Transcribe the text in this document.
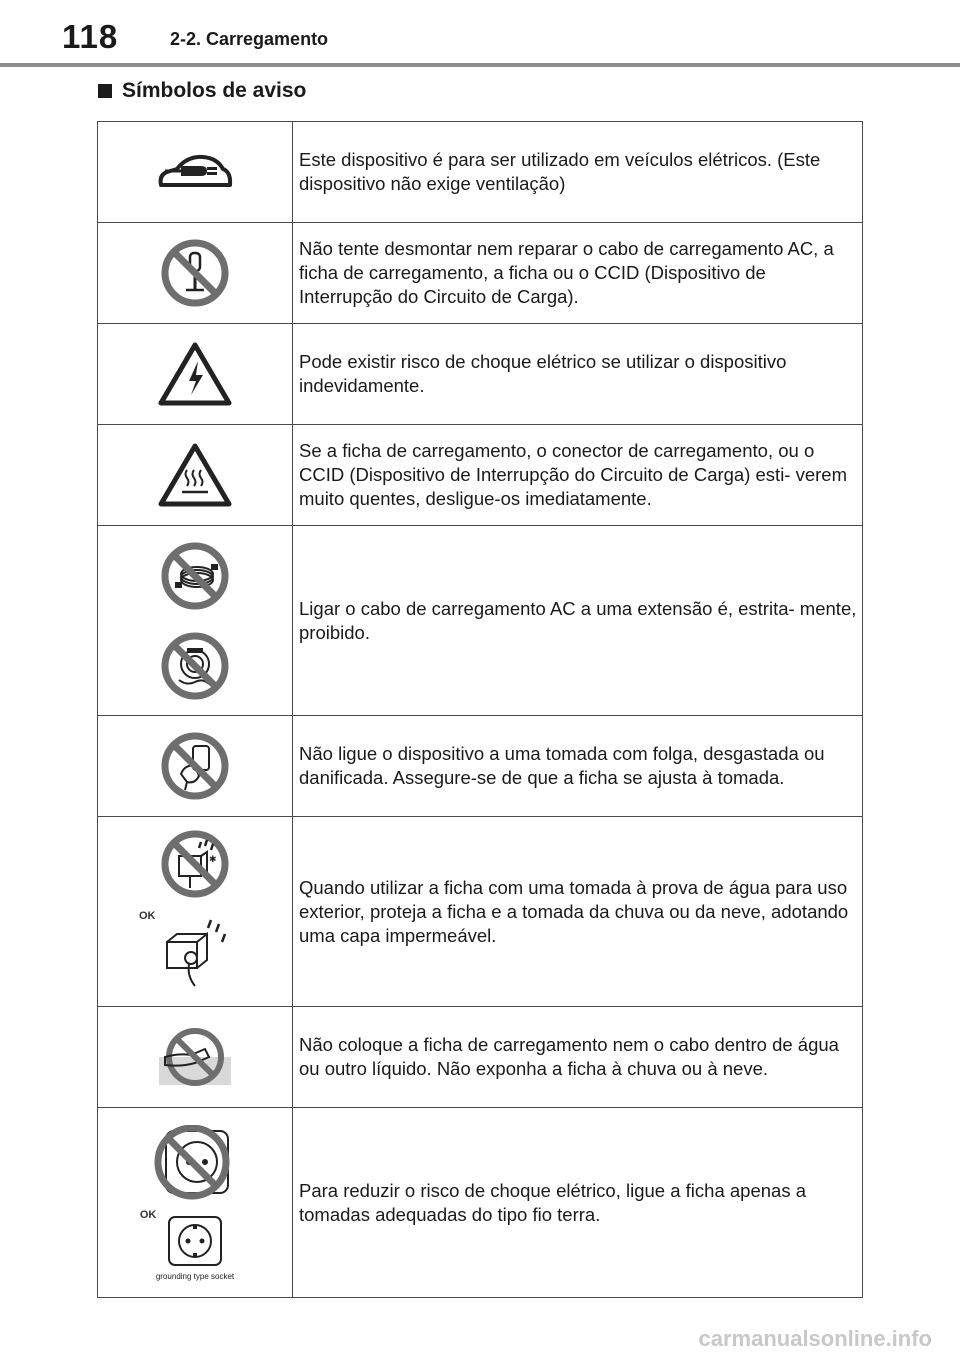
118	2-2. Carregamento
Símbolos de aviso
	Este dispositivo é para ser utilizado em veículos elétricos. (Este dispositivo não exige ventilação)

	Não tente desmontar nem reparar o cabo de carregamento AC, a ficha de carregamento, a ficha ou o CCID (Dispositivo de Interrupção do Circuito de Carga).

	Pode existir risco de choque elétrico se utilizar o dispositivo indevidamente.

	Se a ficha de carregamento, o conector de carregamento, ou o CCID (Dispositivo de Interrupção do Circuito de Carga) esti- verem muito quentes, desligue-os imediatamente.

	Ligar o cabo de carregamento AC a uma extensão é, estrita- mente, proibido.

	Não ligue o dispositivo a uma tomada com folga, desgastada ou danificada. Assegure-se de que a ficha se ajusta à tomada.

✱
OK	Quando utilizar a ficha com uma tomada à prova de água para uso exterior, proteja a ficha e a tomada da chuva ou da neve, adotando uma capa impermeável.

	Não coloque a ficha de carregamento nem o cabo dentro de água ou outro líquido. Não exponha a ficha à chuva ou à neve.

OK
grounding type socket	Para reduzir o risco de choque elétrico, ligue a ficha apenas a tomadas adequadas do tipo fio terra.
carmanualsonline.info
